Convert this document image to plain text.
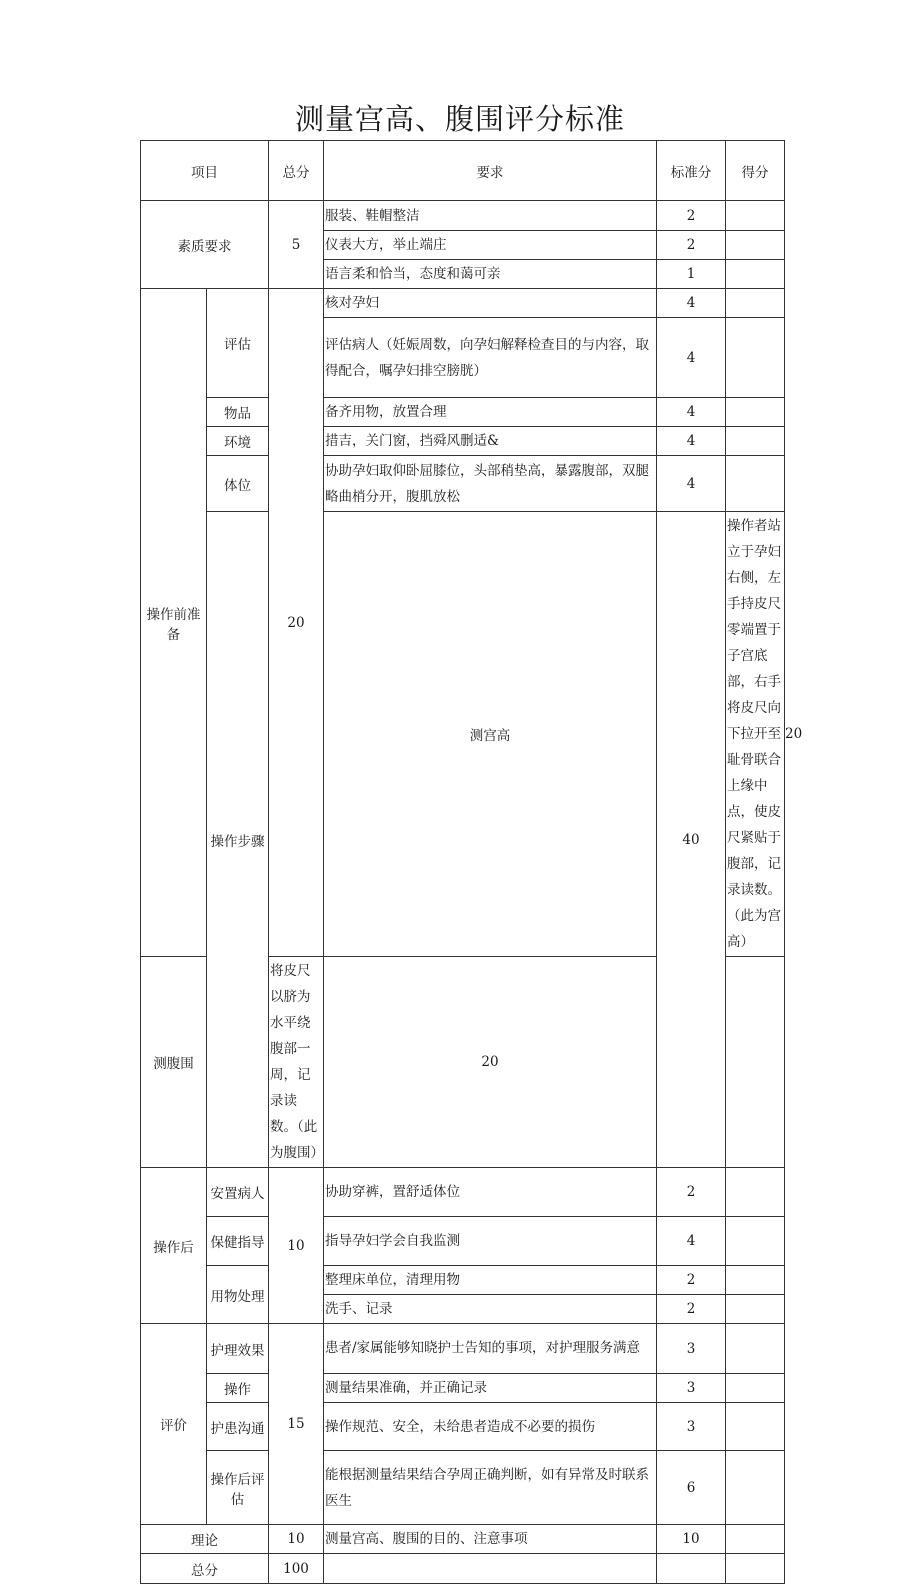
测量宫高、腹围评分标准
项目		总分	要求	标准分	得分	
素质要求		5	服装、鞋帽整洁	2		
			仪表大方，举止端庄	2		
			语言柔和恰当，态度和蔼可亲	1		
操作前准备	评估	20	核对孕妇	4		
			评估病人（妊娠周数，向孕妇解释检查目的与内容，取得配合，嘱孕妇排空膀胱）	4		
	物品		备齐用物，放置合理	4		
	环境		措吉，关门窗，挡舜风删适&	4		
	体位		协助孕妇取仰卧屈膝位，头部稍垫高，暴露腹部，双腿略曲梢分开，腹肌放松	4		
	操作步骤		测宫高	40	操作者站立于孕妇右侧，左手持皮尺零端置于子宫底部，右手将皮尺向下拉开至耻骨联合上缘中点，使皮尺紧贴于腹部，记录读数。（此为宫高）	20	
测腹围		将皮尺以脐为水平绕腹部一周，记录读数。（此为腹围）	20			
操作后	安置病人	10	协助穿裤，置舒适体位	2		
	保健指导		指导孕妇学会自我监测	4		
	用物处理		整理床单位，清理用物	2		
			洗手、记录	2		
评价	护理效果	15	患者/家属能够知晓护士告知的事项，对护理服务满意	3		
	操作		测量结果准确，并正确记录	3		
	护患沟通		操作规范、安全，未给患者造成不必要的损伤	3		
	操作后评估		能根据测量结果结合孕周正确判断，如有异常及时联系医生	6		
理论		10	测量宫高、腹围的目的、注意事项	10		
总分		100				
